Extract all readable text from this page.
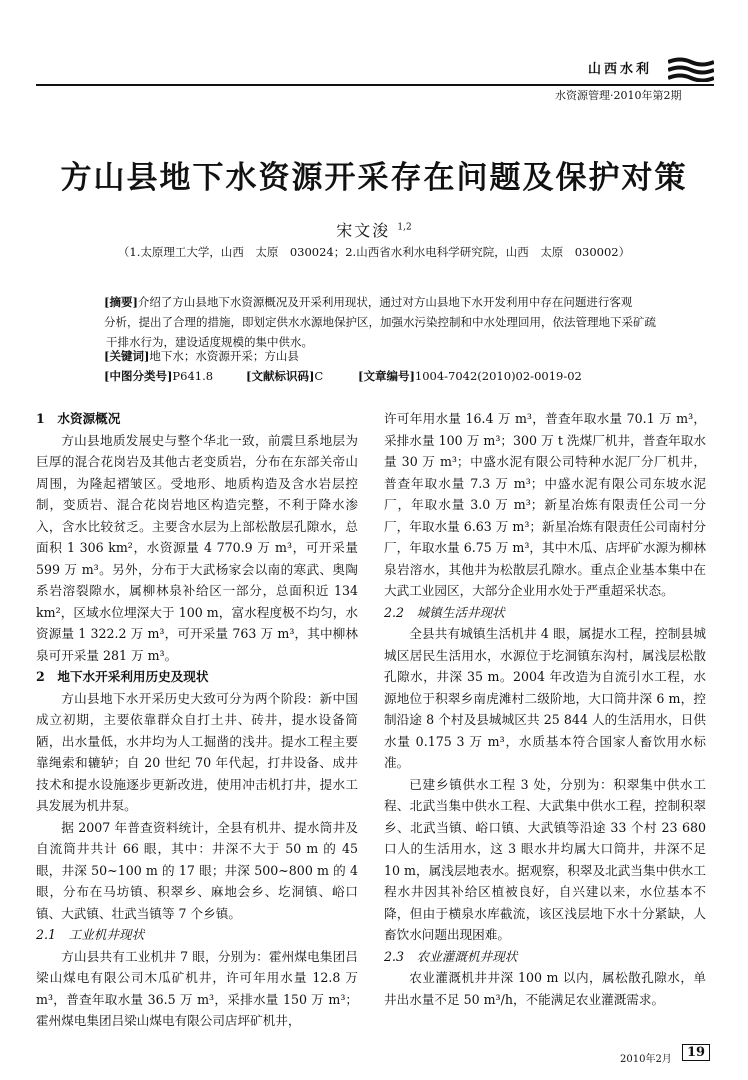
山西水利
水资源管理·2010年第2期
方山县地下水资源开采存在问题及保护对策
宋文浚 $^{1,2}$
（1.太原理工大学，山西　太原　030024；2.山西省水利水电科学研究院，山西　太原　030002）

[摘要]介绍了方山县地下水资源概况及开采利用现状，通过对方山县地下水开发利用中存在问题进行客观

分析，提出了合理的措施，即划定供水水源地保护区，加强水污染控制和中水处理回用，依法管理地下采矿疏

干排水行为，建设适度规模的集中供水。

[关键词]地下水；水资源开采；方山县
[中图分类号]P641.8	[文献标识码]C	[文章编号]1004-7042(2010)02-0019-02

1　水资源概况

方山县地质发展史与整个华北一致，前震旦系地层为巨厚的混合花岗岩及其他古老变质岩，分布在东部关帝山周围，为隆起褶皱区。受地形、地质构造及含水岩层控制，变质岩、混合花岗岩地区构造完整，不利于降水渗入，含水比较贫乏。主要含水层为上部松散层孔隙水，总面积 1 306 km²，水资源量 4 770.9 万 m³，可开采量 599 万 m³。另外，分布于大武杨家会以南的寒武、奥陶系岩溶裂隙水，属柳林泉补给区一部分，总面积近 134 km²，区域水位埋深大于 100 m，富水程度极不均匀，水资源量 1 322.2 万 m³，可开采量 763 万 m³，其中柳林泉可开采量 281 万 m³。

2　地下水开采利用历史及现状

方山县地下水开采历史大致可分为两个阶段：新中国成立初期，主要依靠群众自打土井、砖井，提水设备简陋，出水量低，水井均为人工掘凿的浅井。提水工程主要靠绳索和辘轳；自 20 世纪 70 年代起，打井设备、成井技术和提水设施逐步更新改进，使用冲击机打井，提水工具发展为机井泵。

据 2007 年普查资料统计，全县有机井、提水筒井及自流筒井共计 66 眼，其中：井深不大于 50 m 的 45 眼，井深 50~100 m 的 17 眼；井深 500~800 m 的 4 眼，分布在马坊镇、积翠乡、麻地会乡、圪洞镇、峪口镇、大武镇、壮武当镇等 7 个乡镇。

2.1　工业机井现状

方山县共有工业机井 7 眼，分别为：霍州煤电集团吕梁山煤电有限公司木瓜矿机井，许可年用水量 12.8 万 m³，普查年取水量 36.5 万 m³，采排水量 150 万 m³；霍州煤电集团吕梁山煤电有限公司店坪矿机井，

许可年用水量 16.4 万 m³，普查年取水量 70.1 万 m³，采排水量 100 万 m³；300 万 t 洗煤厂机井，普查年取水量 30 万 m³；中盛水泥有限公司特种水泥厂分厂机井，普查年取水量 7.3 万 m³；中盛水泥有限公司东坡水泥厂，年取水量 3.0 万 m³；新星冶炼有限责任公司一分厂，年取水量 6.63 万 m³；新星冶炼有限责任公司南村分厂，年取水量 6.75 万 m³，其中木瓜、店坪矿水源为柳林泉岩溶水，其他井为松散层孔隙水。重点企业基本集中在大武工业园区，大部分企业用水处于严重超采状态。

2.2　城镇生活井现状

全县共有城镇生活机井 4 眼，属提水工程，控制县城城区居民生活用水，水源位于圪洞镇东沟村，属浅层松散孔隙水，井深 35 m。2004 年改造为自流引水工程，水源地位于积翠乡南虎滩村二级阶地，大口筒井深 6 m，控制沿途 8 个村及县城城区共 25 844 人的生活用水，日供水量 0.175 3 万 m³，水质基本符合国家人畜饮用水标准。

已建乡镇供水工程 3 处，分别为：积翠集中供水工程、北武当集中供水工程、大武集中供水工程，控制积翠乡、北武当镇、峪口镇、大武镇等沿途 33 个村 23 680 口人的生活用水，这 3 眼水井均属大口筒井，井深不足 10 m，属浅层地表水。据观察，积翠及北武当集中供水工程水井因其补给区植被良好，自兴建以来，水位基本不降，但由于横泉水库截流，该区浅层地下水十分紧缺，人畜饮水问题出现困难。

2.3　农业灌溉机井现状

农业灌溉机井井深 100 m 以内，属松散孔隙水，单井出水量不足 50 m³/h，不能满足农业灌溉需求。

2010年2月	19
